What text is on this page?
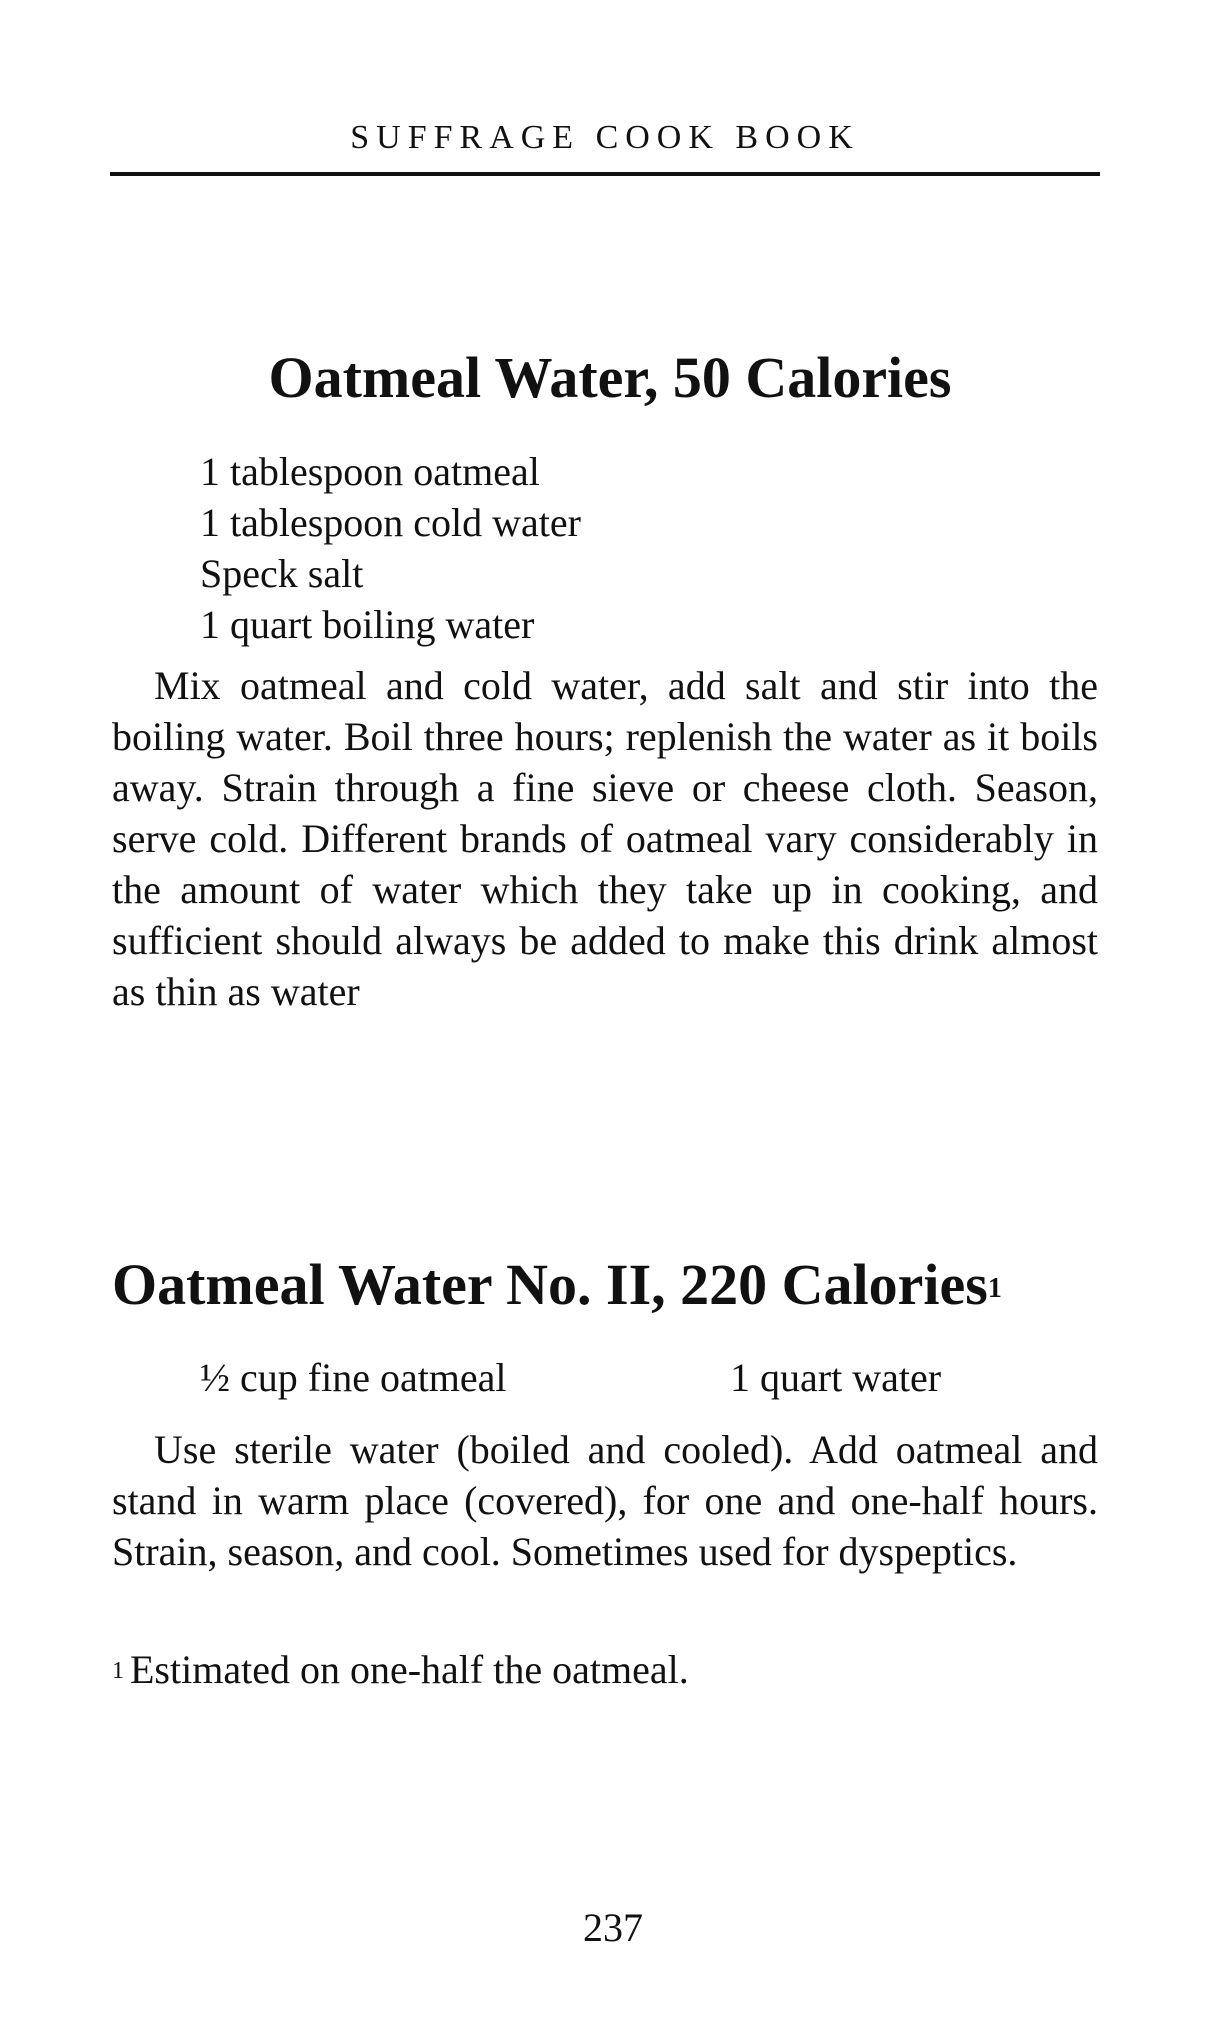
SUFFRAGE COOK BOOK
Oatmeal Water, 50 Calories
1 tablespoon oatmeal
1 tablespoon cold water
Speck salt
1 quart boiling water

Mix oatmeal and cold water, add salt and stir into the boiling water. Boil three hours; replenish the water as it boils away. Strain through a fine sieve or cheese cloth. Season, serve cold. Different brands of oatmeal vary considerably in the amount of water which they take up in cooking, and sufficient should always be added to make this drink almost as thin as water

Oatmeal Water No. II, 220 Calories$^1$
½ cup fine oatmeal	1 quart water

Use sterile water (boiled and cooled). Add oatmeal and stand in warm place (covered), for one and one-half hours. Strain, season, and cool. Sometimes used for dyspeptics.

$^1$ Estimated on one-half the oatmeal.
237
